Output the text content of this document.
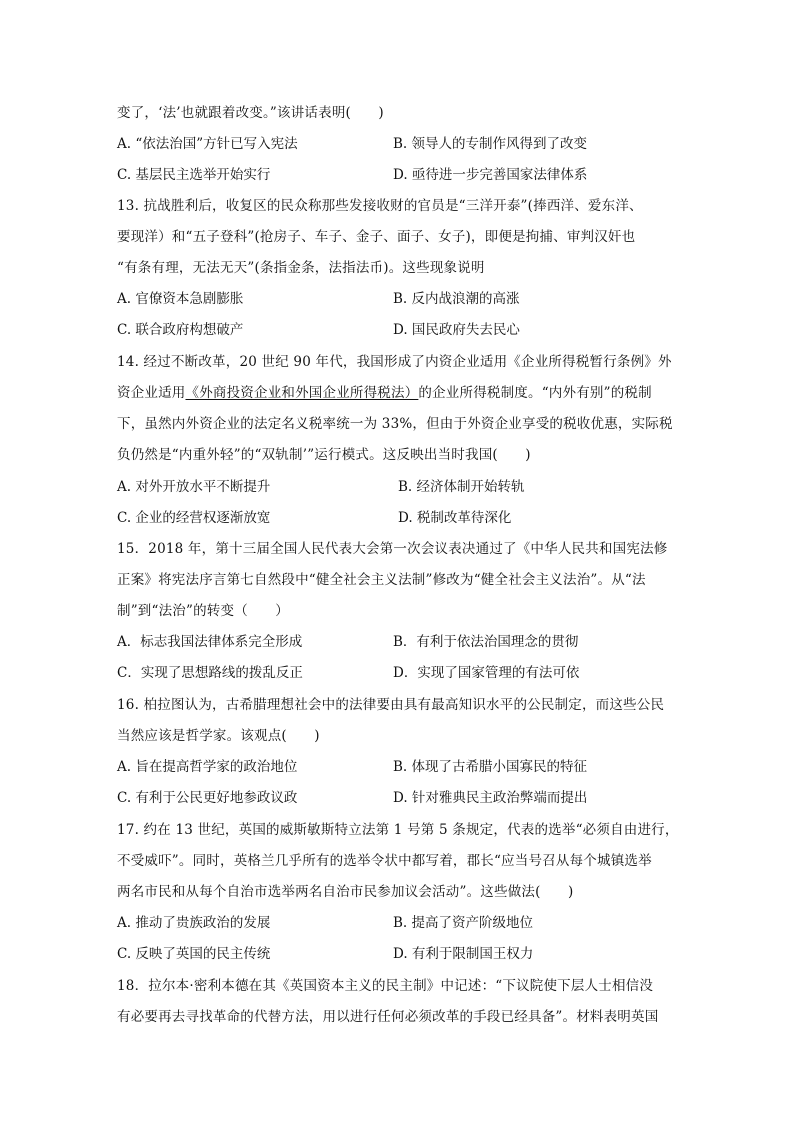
变了，‘法’也就跟着改变。”该讲话表明(　　)
A. “依法治国”方针已写入宪法	B. 领导人的专制作风得到了改变
C. 基层民主选举开始实行	D. 亟待进一步完善国家法律体系
13. 抗战胜利后，收复区的民众称那些发接收财的官员是“三洋开泰”(捧西洋、爱东洋、
要现洋）和“五子登科”(抢房子、车子、金子、面子、女子)，即便是拘捕、审判汉奸也
“有条有理，无法无天”(条指金条，法指法币)。这些现象说明
A. 官僚资本急剧膨胀	B. 反内战浪潮的高涨
C. 联合政府构想破产	D. 国民政府失去民心
14. 经过不断改革，20 世纪 90 年代，我国形成了内资企业适用《企业所得税暂行条例》外
资企业适用《外商投资企业和外国企业所得税法）的企业所得税制度。“内外有别”的税制
下，虽然内外资企业的法定名义税率统一为 33%，但由于外资企业享受的税收优惠，实际税
负仍然是“内重外轻”的“双轨制’”运行模式。这反映出当时我国(　　)
A. 对外开放水平不断提升	B. 经济体制开始转轨
C. 企业的经营权逐渐放宽	D. 税制改革待深化
15．2018 年，第十三届全国人民代表大会第一次会议表决通过了《中华人民共和国宪法修
正案》将宪法序言第七自然段中“健全社会主义法制”修改为“健全社会主义法治”。从“法
制”到“法治”的转变（　　）
A．标志我国法律体系完全形成	B．有利于依法治国理念的贯彻
C．实现了思想路线的拨乱反正	D．实现了国家管理的有法可依
16. 柏拉图认为，古希腊理想社会中的法律要由具有最高知识水平的公民制定，而这些公民
当然应该是哲学家。该观点(　　)
A. 旨在提高哲学家的政治地位	B. 体现了古希腊小国寡民的特征
C. 有利于公民更好地参政议政	D. 针对雅典民主政治弊端而提出
17. 约在 13 世纪，英国的威斯敏斯特立法第 1 号第 5 条规定，代表的选举“必须自由进行，
不受威吓”。同时，英格兰几乎所有的选举令状中都写着，郡长“应当号召从每个城镇选举
两名市民和从每个自治市选举两名自治市民参加议会活动”。这些做法(　　)
A. 推动了贵族政治的发展	B. 提高了资产阶级地位
C. 反映了英国的民主传统	D. 有利于限制国王权力
18．拉尔本·密利本德在其《英国资本主义的民主制》中记述：“下议院使下层人士相信没
有必要再去寻找革命的代替方法，用以进行任何必须改革的手段已经具备”。材料表明英国
